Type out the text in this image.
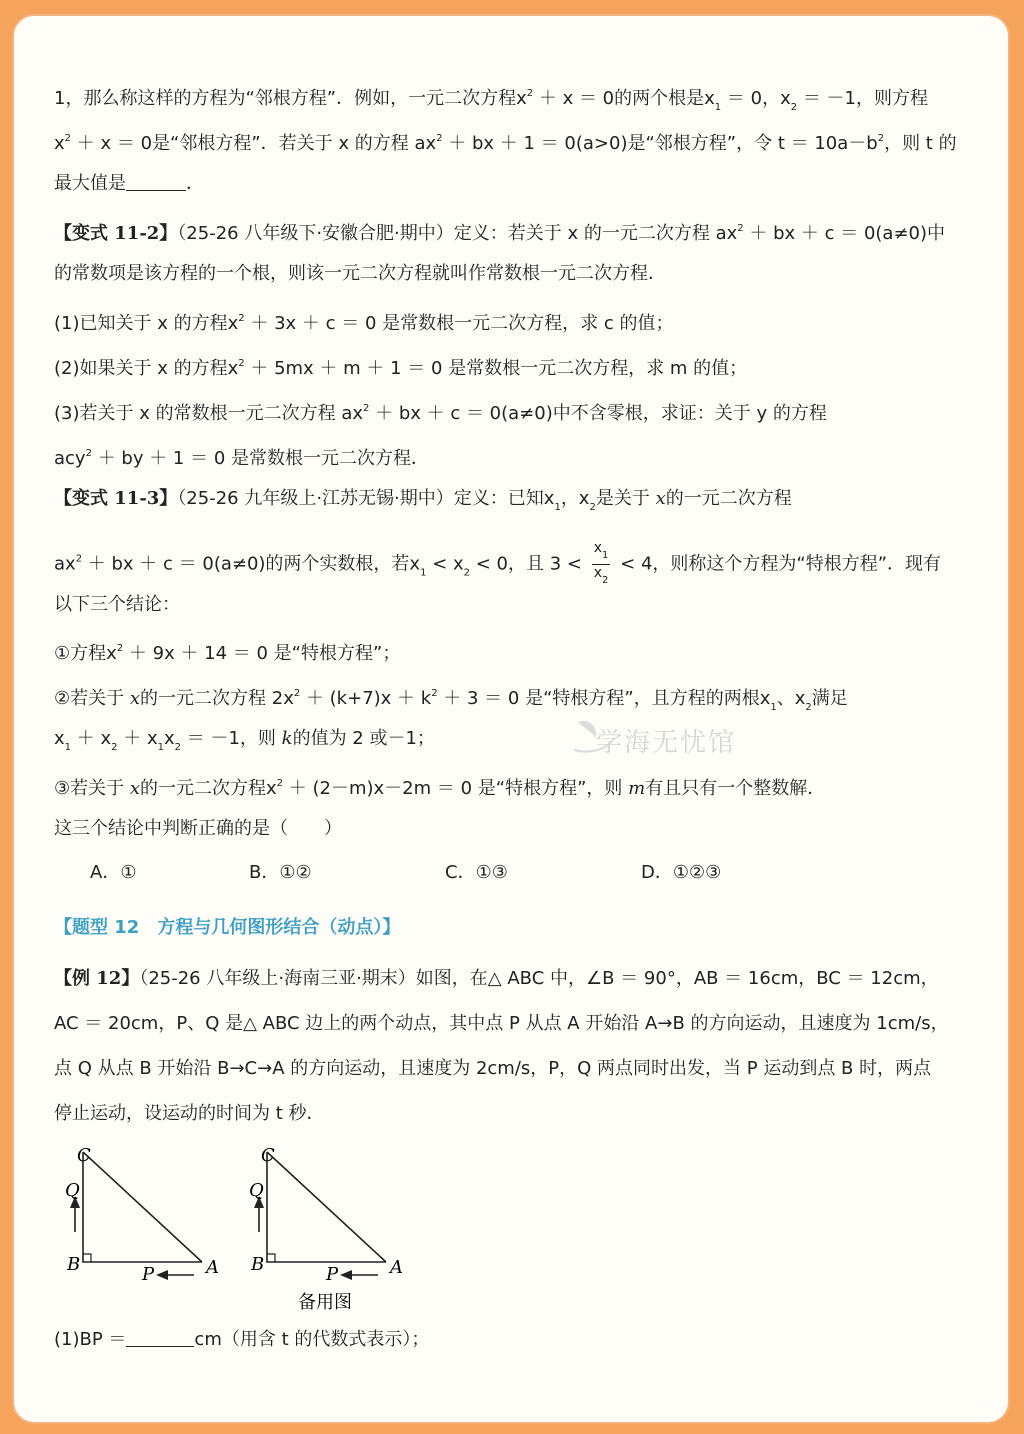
1，那么称这样的方程为“邻根方程”．例如，一元二次方程$x^2 + x = 0$的两个根是$x_1 = 0$，$x_2 = -1$，则方程
$x^2 + x = 0$是“邻根方程”．若关于 x 的方程 $ax^2$ ＋ bx ＋ 1 ＝ 0(a>0)是“邻根方程”，令 $t = 10a-b^2$，则 t 的
最大值是	．
【变式 11-2】（25-26 八年级下·安徽合肥·期中）定义：若关于 x 的一元二次方程 $ax^2$ ＋ bx ＋ c ＝ 0(a≠0)中
的常数项是该方程的一个根，则该一元二次方程就叫作常数根一元二次方程．
(1)已知关于 x 的方程$x^2 + 3x + c = 0$ 是常数根一元二次方程，求 c 的值；
(2)如果关于 x 的方程$x^2 + 5mx + m + 1 = 0$ 是常数根一元二次方程，求 m 的值；
(3)若关于 x 的常数根一元二次方程 $ax^2$ ＋ bx ＋ c ＝ 0(a≠0)中不含零根，求证：关于 y 的方程
acy$^2$ ＋ by ＋ 1 ＝ 0 是常数根一元二次方程．
【变式 11-3】（25-26 九年级上·江苏无锡·期中）定义：已知$x_1$，$x_2$是关于 x的一元二次方程
$ax^2$ ＋ bx ＋ c ＝ 0(a≠0)的两个实数根，若$x_1 < x_2 < 0$，且 $3 < \frac{x_1}{x_2} < 4$，则称这个方程为“特根方程”．现有
以下三个结论：
①方程$x^2 + 9x + 14 = 0$ 是“特根方程”；
②若关于 x的一元二次方程 $2x^2 + (k+7)x + k^2 + 3 = 0$ 是“特根方程”，且方程的两根$x_1$、$x_2$满足
$x_1 + x_2 + x_1x_2 = -1$，则 k的值为 2 或－1；
③若关于 x的一元二次方程$x^2 + (2-m)x-2m = 0$ 是“特根方程”，则 m有且只有一个整数解．
这三个结论中判断正确的是（　　）
A．①	B．①②	C．①③	D．①②③
【题型 12　方程与几何图形结合（动点）】
【例 12】（25-26 八年级上·海南三亚·期末）如图，在△ ABC 中，∠B ＝ 90°，AB ＝ 16cm，BC ＝ 12cm，
AC ＝ 20cm，P、Q 是△ ABC 边上的两个动点，其中点 P 从点 A 开始沿 A→B 的方向运动，且速度为 1cm/s，
点 Q 从点 B 开始沿 B→C→A 的方向运动，且速度为 2cm/s，P，Q 两点同时出发，当 P 运动到点 B 时，两点
停止运动，设运动的时间为 t 秒．
(1)BP ＝	cm（用含 t 的代数式表示）；
C
Q
B	P	A
C
Q
B	P	A
备用图
学海无忧馆
